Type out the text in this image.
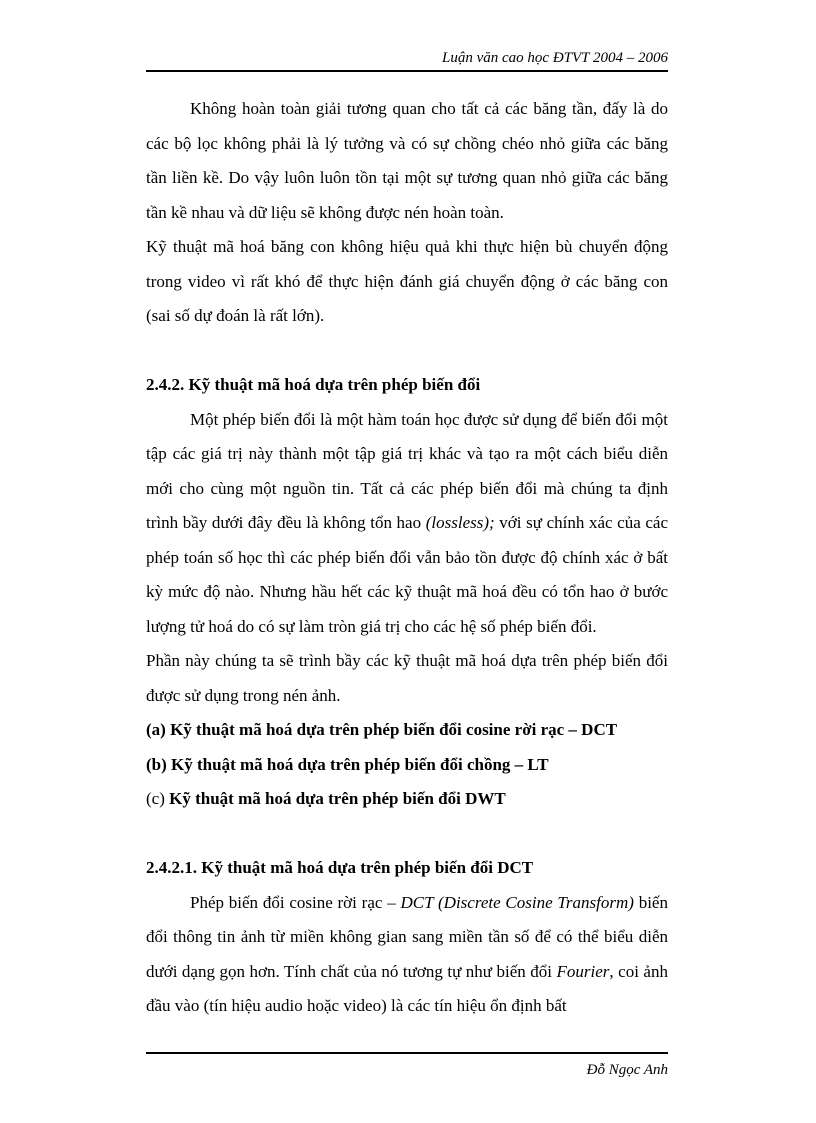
Luận văn cao học ĐTVT 2004 – 2006

Không hoàn toàn giải tương quan cho tất cả các băng tần, đấy là do các bộ lọc không phải là lý tưởng và có sự chồng chéo nhỏ giữa các băng tần liền kề. Do vậy luôn luôn tồn tại một sự tương quan nhỏ giữa các băng tần kề nhau và dữ liệu sẽ không được nén hoàn toàn.

Kỹ thuật mã hoá băng con không hiệu quả khi thực hiện bù chuyển động trong video vì rất khó để thực hiện đánh giá chuyển động ở các băng con (sai số dự đoán là rất lớn).

2.4.2. Kỹ thuật mã hoá dựa trên phép biến đổi

Một phép biến đổi là một hàm toán học được sử dụng để biến đổi một tập các giá trị này thành một tập giá trị khác và tạo ra một cách biểu diễn mới cho cùng một nguồn tin. Tất cả các phép biến đổi mà chúng ta định trình bầy dưới đây đều là không tổn hao (lossless); với sự chính xác của các phép toán số học thì các phép biến đổi vẫn bảo tồn được độ chính xác ở bất kỳ mức độ nào. Nhưng hầu hết các kỹ thuật mã hoá đều có tổn hao ở bước lượng tử hoá do có sự làm tròn giá trị cho các hệ số phép biến đổi.

Phần này chúng ta sẽ trình bầy các kỹ thuật mã hoá dựa trên phép biến đổi được sử dụng trong nén ảnh.

(a) Kỹ thuật mã hoá dựa trên phép biến đổi cosine rời rạc – DCT

(b) Kỹ thuật mã hoá dựa trên phép biến đổi chồng – LT

(c) Kỹ thuật mã hoá dựa trên phép biến đổi DWT

2.4.2.1. Kỹ thuật mã hoá dựa trên phép biến đổi DCT

Phép biến đổi cosine rời rạc – DCT (Discrete Cosine Transform) biến đổi thông tin ảnh từ miền không gian sang miền tần số để có thể biểu diễn dưới dạng gọn hơn. Tính chất của nó tương tự như biến đổi Fourier, coi ảnh đầu vào (tín hiệu audio hoặc video) là các tín hiệu ổn định bất

Đỗ Ngọc Anh
